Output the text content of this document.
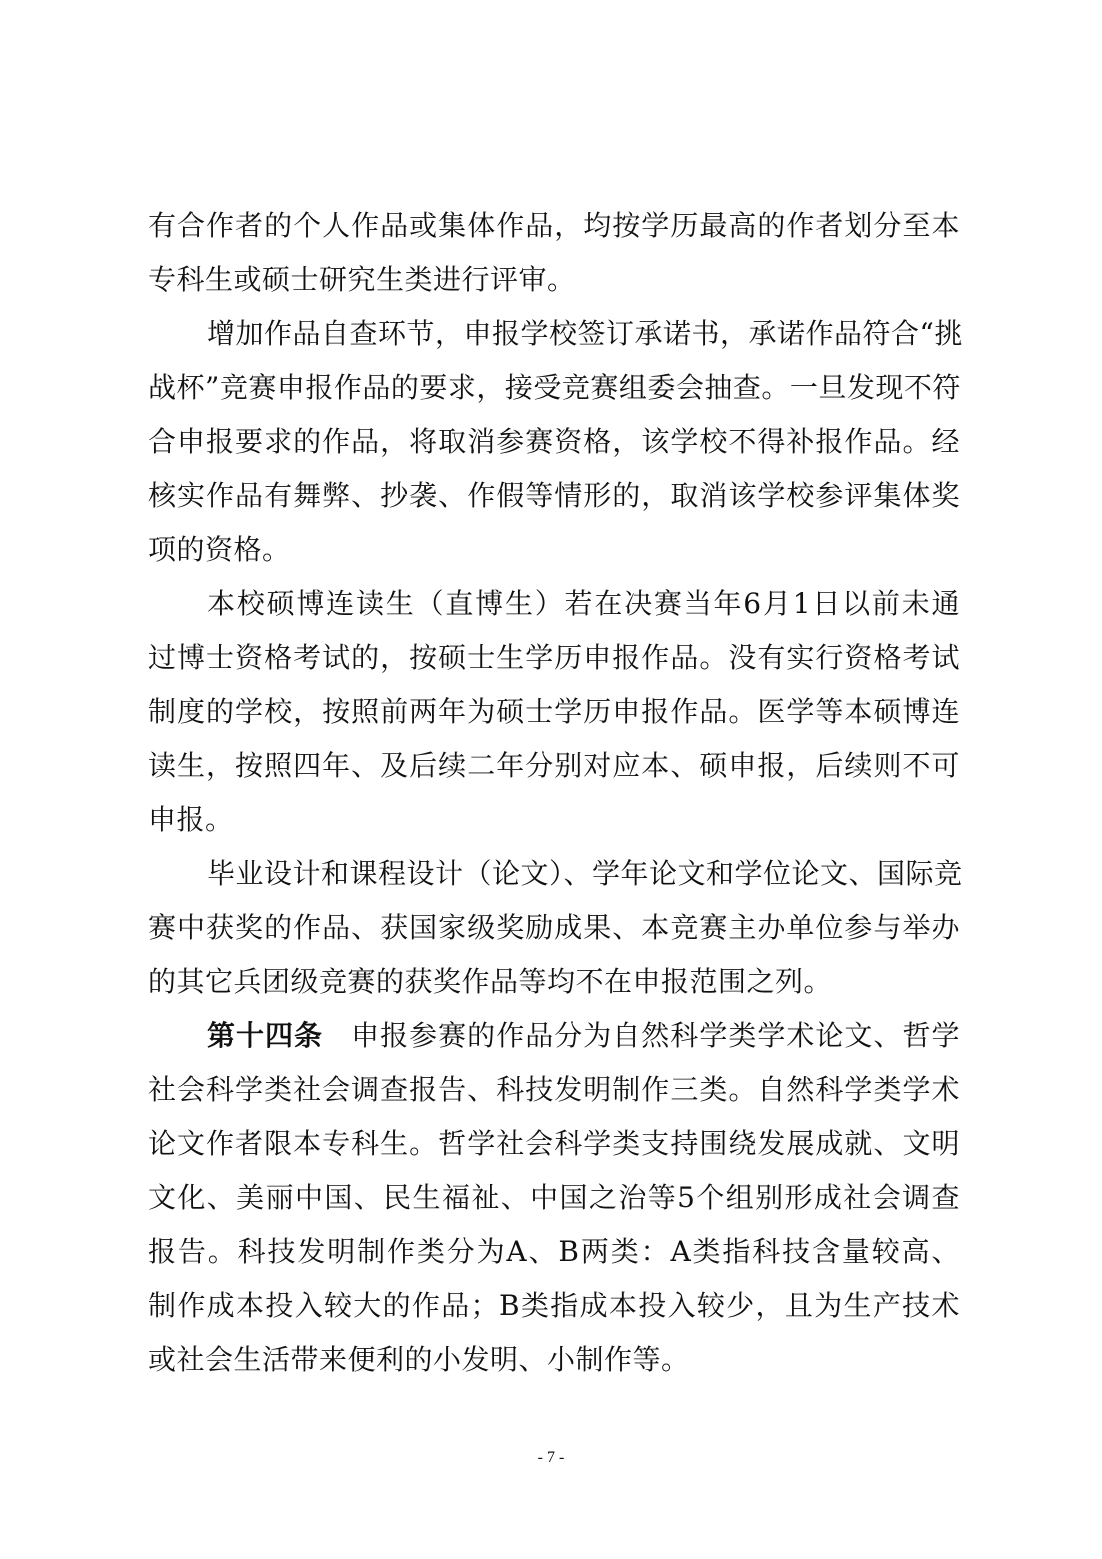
有合作者的个人作品或集体作品，均按学历最高的作者划分至本
专科生或硕士研究生类进行评审。
增加作品自查环节，申报学校签订承诺书，承诺作品符合“挑
战杯”竞赛申报作品的要求，接受竞赛组委会抽查。一旦发现不符
合申报要求的作品，将取消参赛资格，该学校不得补报作品。经
核实作品有舞弊、抄袭、作假等情形的，取消该学校参评集体奖
项的资格。
本校硕博连读生（直博生）若在决赛当年6月1日以前未通
过博士资格考试的，按硕士生学历申报作品。没有实行资格考试
制度的学校，按照前两年为硕士学历申报作品。医学等本硕博连
读生，按照四年、及后续二年分别对应本、硕申报，后续则不可
申报。
毕业设计和课程设计（论文）、学年论文和学位论文、国际竞
赛中获奖的作品、获国家级奖励成果、本竞赛主办单位参与举办
的其它兵团级竞赛的获奖作品等均不在申报范围之列。
第十四条 申报参赛的作品分为自然科学类学术论文、哲学
社会科学类社会调查报告、科技发明制作三类。自然科学类学术
论文作者限本专科生。哲学社会科学类支持围绕发展成就、文明
文化、美丽中国、民生福祉、中国之治等5个组别形成社会调查
报告。科技发明制作类分为A、B两类：A类指科技含量较高、
制作成本投入较大的作品；B类指成本投入较少，且为生产技术
或社会生活带来便利的小发明、小制作等。
- 7 -
